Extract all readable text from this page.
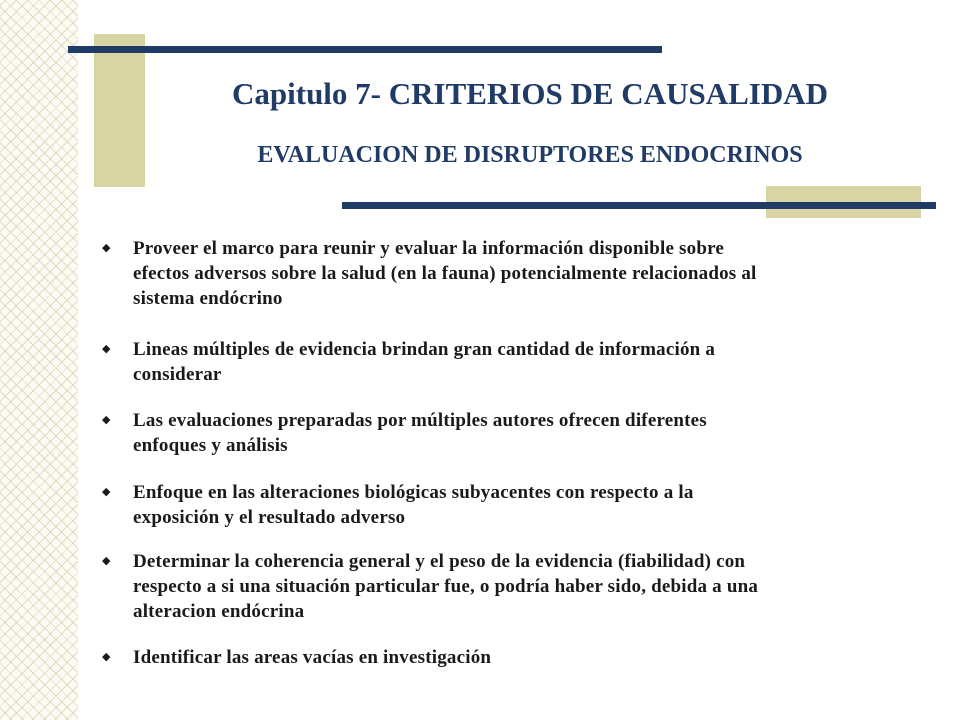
Capitulo 7- CRITERIOS DE CAUSALIDAD
EVALUACION DE DISRUPTORES ENDOCRINOS
◆	Proveer el marco para reunir y evaluar la información disponible sobre
efectos adversos sobre la salud (en la fauna) potencialmente relacionados al
sistema endócrino
◆	Lineas múltiples de evidencia brindan gran cantidad de información a
considerar
◆	Las evaluaciones preparadas por múltiples autores ofrecen diferentes
enfoques y análisis
◆	Enfoque en las alteraciones biológicas subyacentes con respecto a la
exposición y el resultado adverso
◆	Determinar la coherencia general y el peso de la evidencia (fiabilidad) con
respecto a si una situación particular fue, o podría haber sido, debida a una
alteracion endócrina
◆	Identificar las areas vacías en investigación
